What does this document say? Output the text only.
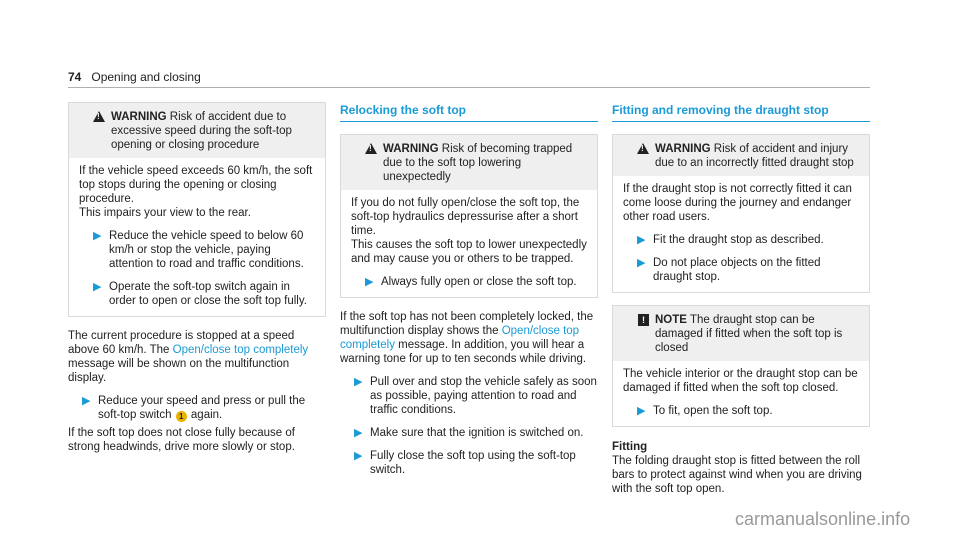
74 Opening and closing
!
WARNING Risk of accident due to excessive speed during the soft-top opening or closing procedure

If the vehicle speed exceeds 60 km/h, the soft top stops during the opening or closing procedure.

This impairs your view to the rear.

▶ Reduce the vehicle speed to below 60 km/h or stop the vehicle, paying attention to road and traffic conditions.
▶ Operate the soft-top switch again in order to open or close the soft top fully.

The current procedure is stopped at a speed above 60 km/h. The Open/close top completely message will be shown on the multifunction display.

▶ Reduce your speed and press or pull the soft-top switch 1 again.

If the soft top does not close fully because of strong headwinds, drive more slowly or stop.

Relocking the soft top
!
WARNING Risk of becoming trapped due to the soft top lowering unexpectedly

If you do not fully open/close the soft top, the soft-top hydraulics depressurise after a short time.

This causes the soft top to lower unexpectedly and may cause you or others to be trapped.

▶ Always fully open or close the soft top.

If the soft top has not been completely locked, the multifunction display shows the Open/close top completely message. In addition, you will hear a warning tone for up to ten seconds while driving.

▶ Pull over and stop the vehicle safely as soon as possible, paying attention to road and traffic conditions.
▶ Make sure that the ignition is switched on.
▶ Fully close the soft top using the soft-top switch.
Fitting and removing the draught stop
!
WARNING Risk of accident and injury due to an incorrectly fitted draught stop

If the draught stop is not correctly fitted it can come loose during the journey and endanger other road users.

▶ Fit the draught stop as described.
▶ Do not place objects on the fitted draught stop.
! NOTE The draught stop can be damaged if fitted when the soft top is closed

The vehicle interior or the draught stop can be damaged if fitted when the soft top closed.

▶ To fit, open the soft top.
Fitting
The folding draught stop is fitted between the roll bars to protect against wind when you are driving with the soft top open.
carmanualsonline.info
